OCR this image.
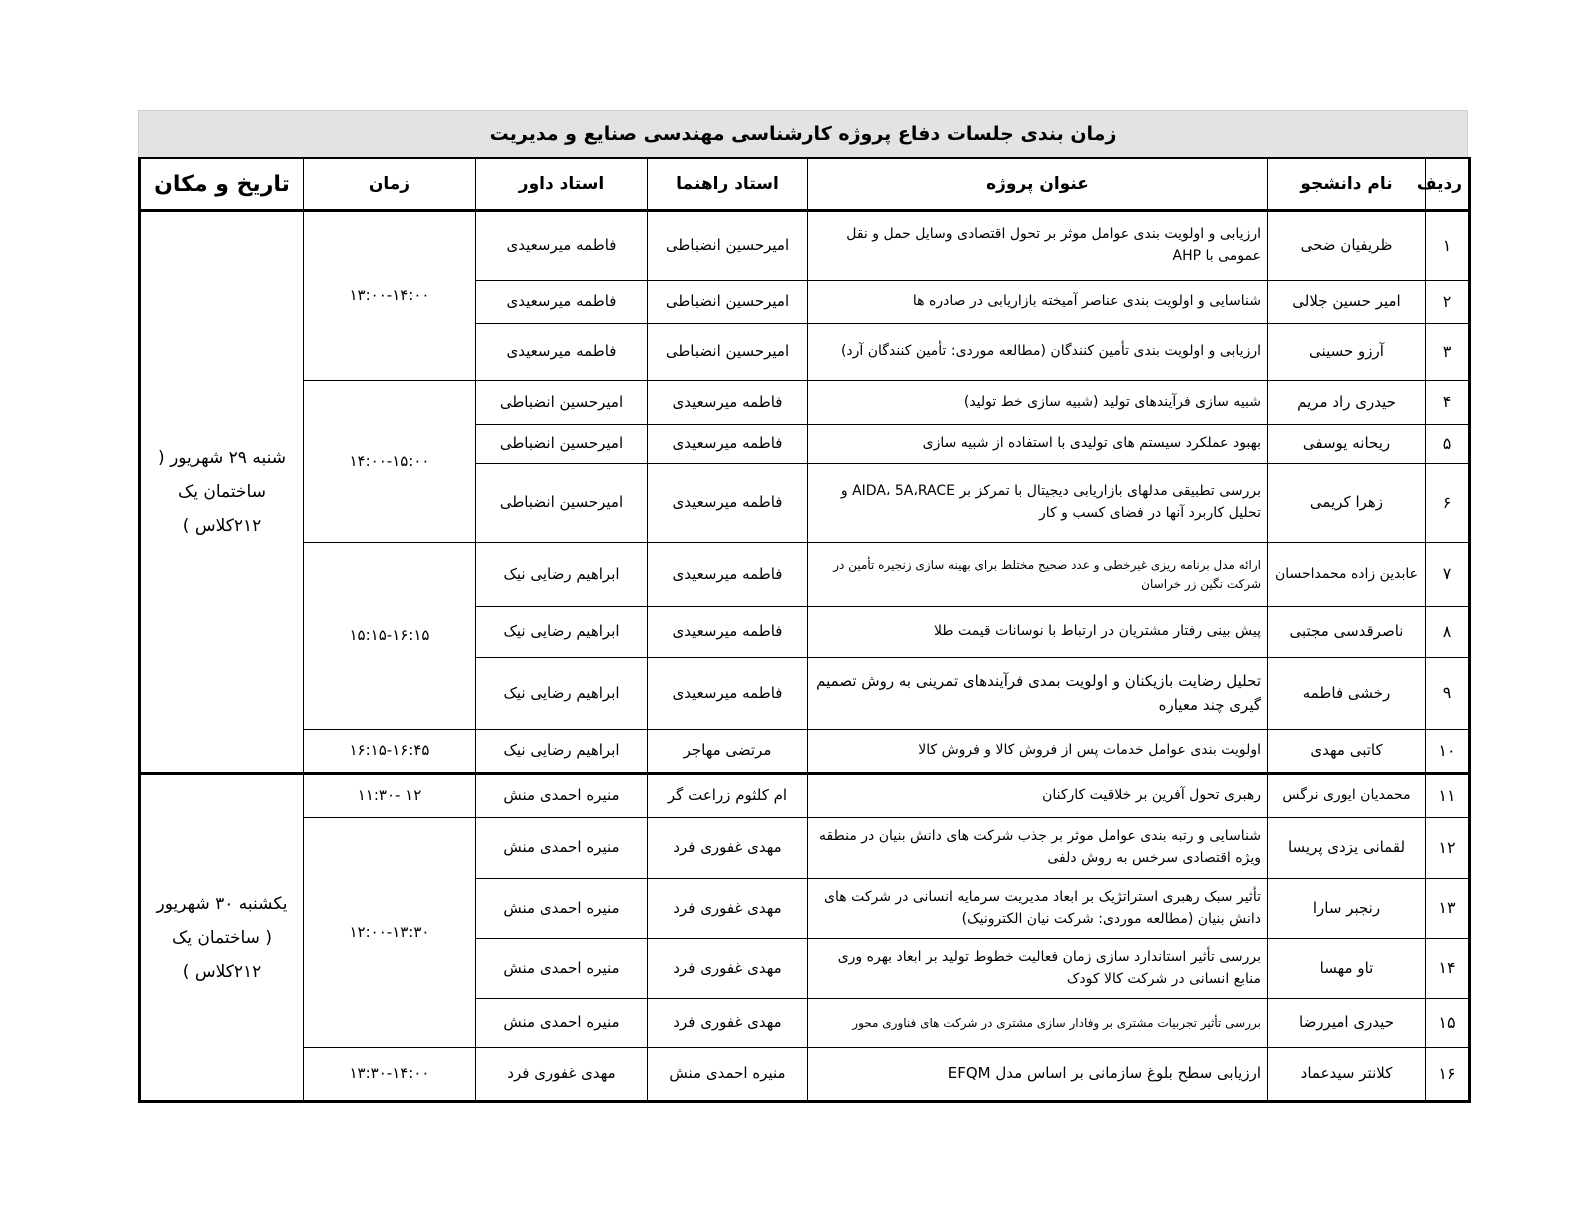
زمان بندی جلسات دفاع پروژه کارشناسی مهندسی صنایع و مدیریت
ردیف	نام دانشجو	عنوان پروژه	استاد راهنما	استاد داور	زمان	تاریخ و مکان
۱	ظریفیان ضحی	ارزیابی و اولویت بندی عوامل موثر بر تحول اقتصادی وسایل حمل و نقل عمومی با AHP	امیرحسین انضباطی	فاطمه میرسعیدی	۱۳:۰۰-۱۴:۰۰	شنبه ۲۹ شهریور ( ساختمان یک ۲۱۲کلاس )
۲	امیر حسین جلالی	شناسایی و اولویت بندی عناصر آمیخته بازاریابی در صادره ها	امیرحسین انضباطی	فاطمه میرسعیدی		
۳	آرزو حسینی	ارزیابی و اولویت بندی تأمین کنندگان (مطالعه موردی: تأمین کنندگان آرد)	امیرحسین انضباطی	فاطمه میرسعیدی		
۴	حیدری راد مریم	شبیه سازی فرآیندهای تولید (شبیه سازی خط تولید)	فاطمه میرسعیدی	امیرحسین انضباطی	۱۴:۰۰-۱۵:۰۰	
۵	ریحانه یوسفی	بهبود عملکرد سیستم های تولیدی با استفاده از شبیه سازی	فاطمه میرسعیدی	امیرحسین انضباطی		
۶	زهرا کریمی	بررسی تطبیقی مدلهای بازاریابی دیجیتال با تمرکز بر AIDA، 5A،RACE و تحلیل کاربرد آنها در فضای کسب و کار	فاطمه میرسعیدی	امیرحسین انضباطی		
۷	عابدین زاده محمداحسان	ارائه مدل برنامه ریزی غیرخطی و عدد صحیح مختلط برای بهینه سازی زنجیره تأمین در شرکت نگین زر خراسان	فاطمه میرسعیدی	ابراهیم رضایی نیک	۱۵:۱۵-۱۶:۱۵	
۸	ناصرقدسی مجتبی	پیش بینی رفتار مشتریان در ارتباط با نوسانات قیمت طلا	فاطمه میرسعیدی	ابراهیم رضایی نیک		
۹	رخشی فاطمه	تحلیل رضایت بازیکنان و اولویت بمدی فرآیندهای تمرینی به روش تصمیم گیری چند معیاره	فاطمه میرسعیدی	ابراهیم رضایی نیک		
۱۰	کاتبی مهدی	اولویت بندی عوامل خدمات پس از فروش کالا و فروش کالا	مرتضی مهاجر	ابراهیم رضایی نیک	۱۶:۱۵-۱۶:۴۵	
۱۱	محمدیان ایوری نرگس	رهبری تحول آفرین بر خلاقیت کارکنان	ام کلثوم زراعت گر	منیره احمدی منش	۱۲ -۱۱:۳۰	یکشنبه ۳۰ شهریور ( ساختمان یک ۲۱۲کلاس )
۱۲	لقمانی یزدی پریسا	شناسایی و رتبه بندی عوامل موثر بر جذب شرکت های دانش بنیان در منطقه ویژه اقتصادی سرخس به روش دلفی	مهدی غفوری فرد	منیره احمدی منش	۱۲:۰۰-۱۳:۳۰	
۱۳	رنجبر سارا	تأثیر سبک رهبری استراتژیک بر ابعاد مدیریت سرمایه انسانی در شرکت های دانش بنیان (مطالعه موردی: شرکت نیان الکترونیک)	مهدی غفوری فرد	منیره احمدی منش		
۱۴	تاو مهسا	بررسی تأثیر استاندارد سازی زمان فعالیت خطوط تولید بر ابعاد بهره وری منابع انسانی در شرکت کالا کودک	مهدی غفوری فرد	منیره احمدی منش		
۱۵	حیدری امیررضا	بررسی تأثیر تجربیات مشتری بر وفادار سازی مشتری در شرکت های فناوری محور	مهدی غفوری فرد	منیره احمدی منش		
۱۶	کلانتر سیدعماد	ارزیابی سطح بلوغ سازمانی بر اساس مدل EFQM	منیره احمدی منش	مهدی غفوری فرد	۱۳:۳۰-۱۴:۰۰	
